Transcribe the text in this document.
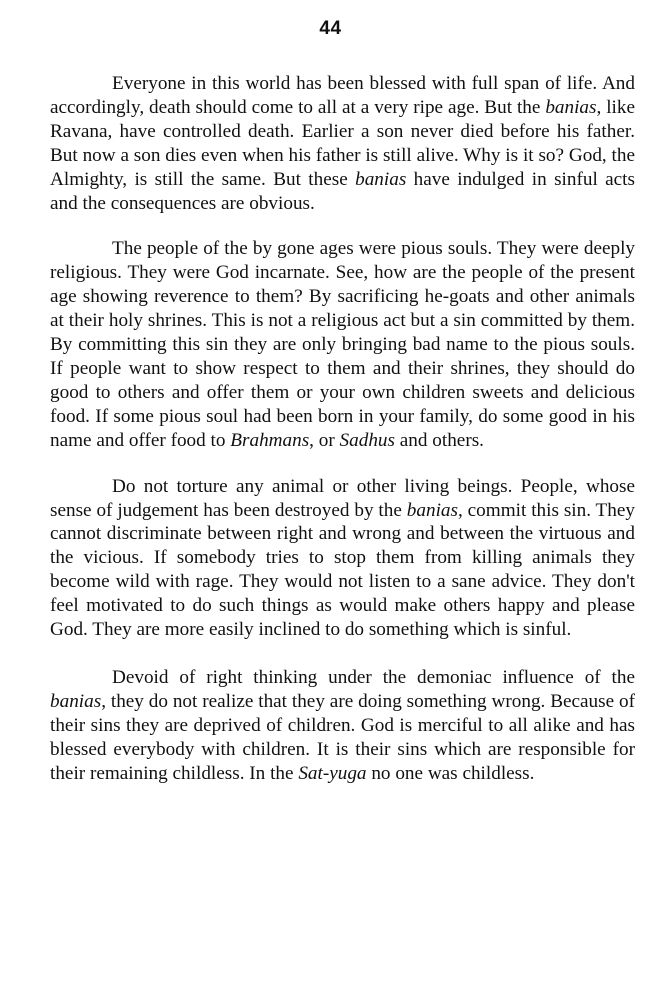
44

Everyone in this world has been blessed with full span of life. And accordingly, death should come to all at a very ripe age. But the banias, like Ravana, have controlled death. Earlier a son never died before his father. But now a son dies even when his father is still alive. Why is it so? God, the Almighty, is still the same. But these banias have indulged in sinful acts and the consequences are obvious.

The people of the by gone ages were pious souls. They were deeply religious. They were God incarnate. See, how are the people of the present age showing reverence to them? By sacrificing he-goats and other animals at their holy shrines. This is not a religious act but a sin committed by them. By committing this sin they are only bringing bad name to the pious souls. If people want to show respect to them and their shrines, they should do good to others and offer them or your own children sweets and delicious food. If some pious soul had been born in your family, do some good in his name and offer food to Brahmans, or Sadhus and others.

Do not torture any animal or other living beings. People, whose sense of judgement has been destroyed by the banias, commit this sin. They cannot discriminate between right and wrong and between the virtuous and the vicious. If somebody tries to stop them from killing animals they become wild with rage. They would not listen to a sane advice. They don't feel motivated to do such things as would make others happy and please God. They are more easily inclined to do something which is sinful.

Devoid of right thinking under the demoniac influence of the banias, they do not realize that they are doing something wrong. Because of their sins they are deprived of children. God is merciful to all alike and has blessed everybody with children. It is their sins which are responsible for their remaining childless. In the Sat-yuga no one was childless.
